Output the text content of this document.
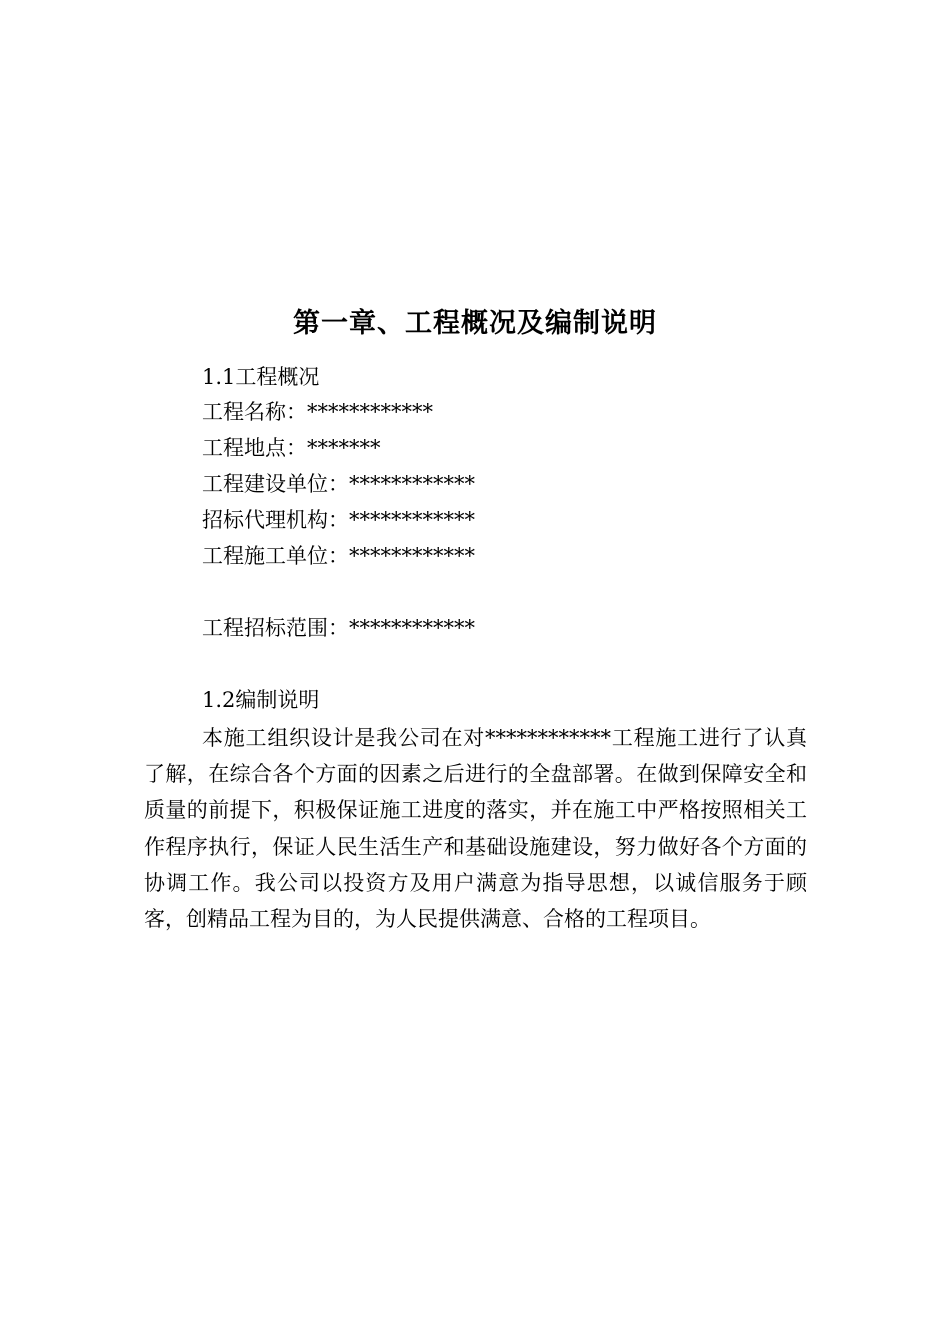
第一章、工程概况及编制说明
1.1工程概况
工程名称：************
工程地点：*******
工程建设单位：************
招标代理机构：************
工程施工单位：************
工程招标范围：************
1.2编制说明

本施工组织设计是我公司在对************工程施工进行了认真了解，在综合各个方面的因素之后进行的全盘部署。在做到保障安全和质量的前提下，积极保证施工进度的落实，并在施工中严格按照相关工作程序执行，保证人民生活生产和基础设施建设，努力做好各个方面的协调工作。我公司以投资方及用户满意为指导思想，以诚信服务于顾客，创精品工程为目的，为人民提供满意、合格的工程项目。
